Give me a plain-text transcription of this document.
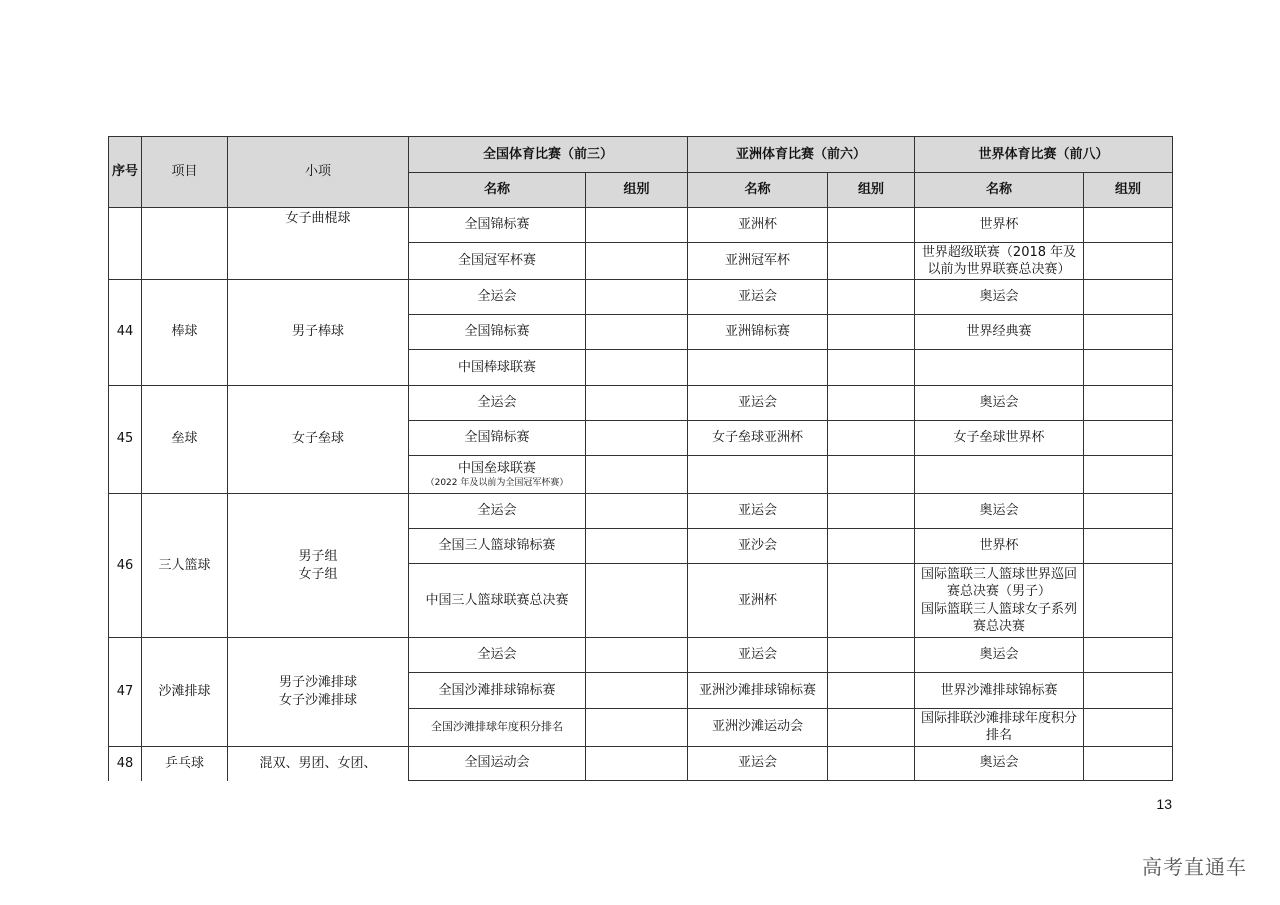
序号	项目	小项	全国体育比赛（前三）		亚洲体育比赛（前六）		世界体育比赛（前八）	
			名称	组别	名称	组别	名称	组别
		女子曲棍球	全国锦标赛		亚洲杯		世界杯	
			全国冠军杯赛		亚洲冠军杯		世界超级联赛（2018 年及以前为世界联赛总决赛）	
44	棒球	男子棒球	全运会		亚运会		奥运会	
			全国锦标赛		亚洲锦标赛		世界经典赛	
			中国棒球联赛					
45	垒球	女子垒球	全运会		亚运会		奥运会	
			全国锦标赛		女子垒球亚洲杯		女子垒球世界杯	

			中国垒球联赛
（2022 年及以前为全国冠军杯赛）					

46	三人篮球	男子组
女子组	全运会		亚运会		奥运会	
			全国三人篮球锦标赛		亚沙会		世界杯	
			中国三人篮球联赛总决赛		亚洲杯		国际篮联三人篮球世界巡回赛总决赛（男子）
国际篮联三人篮球女子系列赛总决赛	

47	沙滩排球	男子沙滩排球
女子沙滩排球	全运会		亚运会		奥运会	
			全国沙滩排球锦标赛		亚洲沙滩排球锦标赛		世界沙滩排球锦标赛	
			全国沙滩排球年度积分排名		亚洲沙滩运动会		国际排联沙滩排球年度积分排名	
48	乒乓球	混双、男团、女团、	全国运动会		亚运会		奥运会	
13
高考直通车
